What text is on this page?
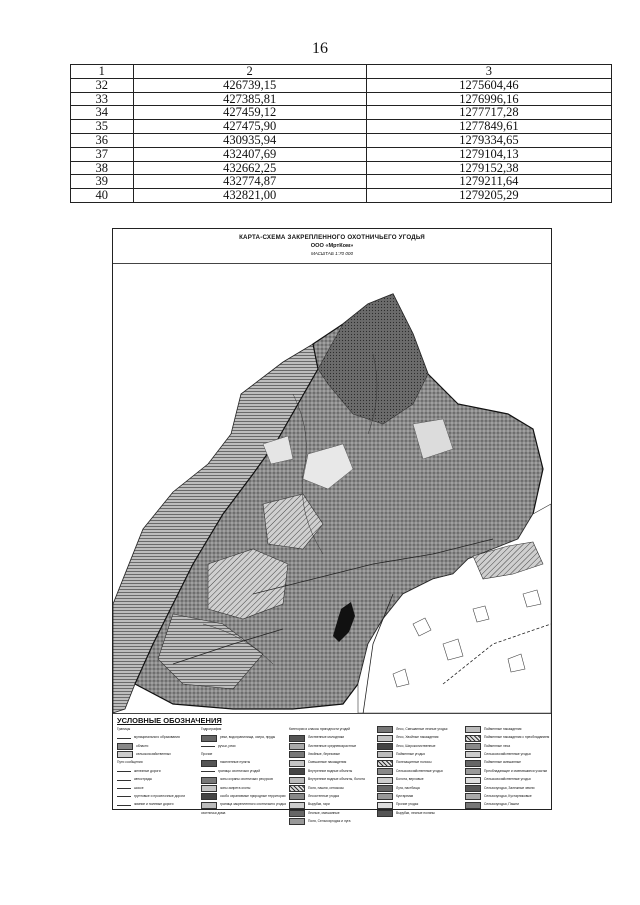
16
1	2	3
32	426739,15	1275604,46
33	427385,81	1276996,16
34	427459,12	1277717,28
35	427475,90	1277849,61
36	430935,94	1279334,65
37	432407,69	1279104,13
38	432662,25	1279152,38
39	432774,87	1279211,64
40	432821,00	1279205,29
КАРТА-СХЕМА ЗАКРЕПЛЕННОГО ОХОТНИЧЬЕГО УГОДЬЯ
ООО «МртКом»
МАСШТАБ 1:70 000
УСЛОВНЫЕ ОБОЗНАЧЕНИЯ
Границы
муниципального образования
области
сельскохозяйственных
Пути сообщения
железные дороги
автострады
шоссе
грунтовые и проселочные дороги
зимние и полевые дороги
Гидрография
реки, водохранилища, озера, пруды
ручьи, реки
Прочие
населенные пункты
границы охотничьих угодий
зоны охраны охотничьих ресурсов
зоны запрета охоты
особо охраняемые природные территории
граница закрепленного охотничьего угодья
охотничьи дома
Категории и классы пригодности угодий
Лиственные молодняки
Лиственные средневозрастные
Хвойные, березовые
Смешанные насаждения
Внутренние водные объекты
Внутренние водные объекты, болота
Поля, пашни, сенокосы
Лесостепные угодья
Вырубки, гари
Лесные, смешанные
Поля, Сельхозугодья и луга
Лесо, Смешанные лесные угодья
Лесо, Хвойные насаждения
Лесо, Широколиственные
Пойменные угодья
Полезащитные полосы
Сельскохозяйственные угодья
Болота, верховые
Луга, пастбища
Кустарники
Прочие угодья
Вырубки, лесные поляны
Пойменные насаждения
Пойменные насаждения с преобладанием
Пойменные леса
Сельскохозяйственные угодья
Пойменные смешанные
Преобладающие и сменившиеся участки
Сельскохозяйственные угодья
Сельхозугодья, Залежные земли
Сельхозугодья, Кустарниковые
Сельхозугодья, Пашни
